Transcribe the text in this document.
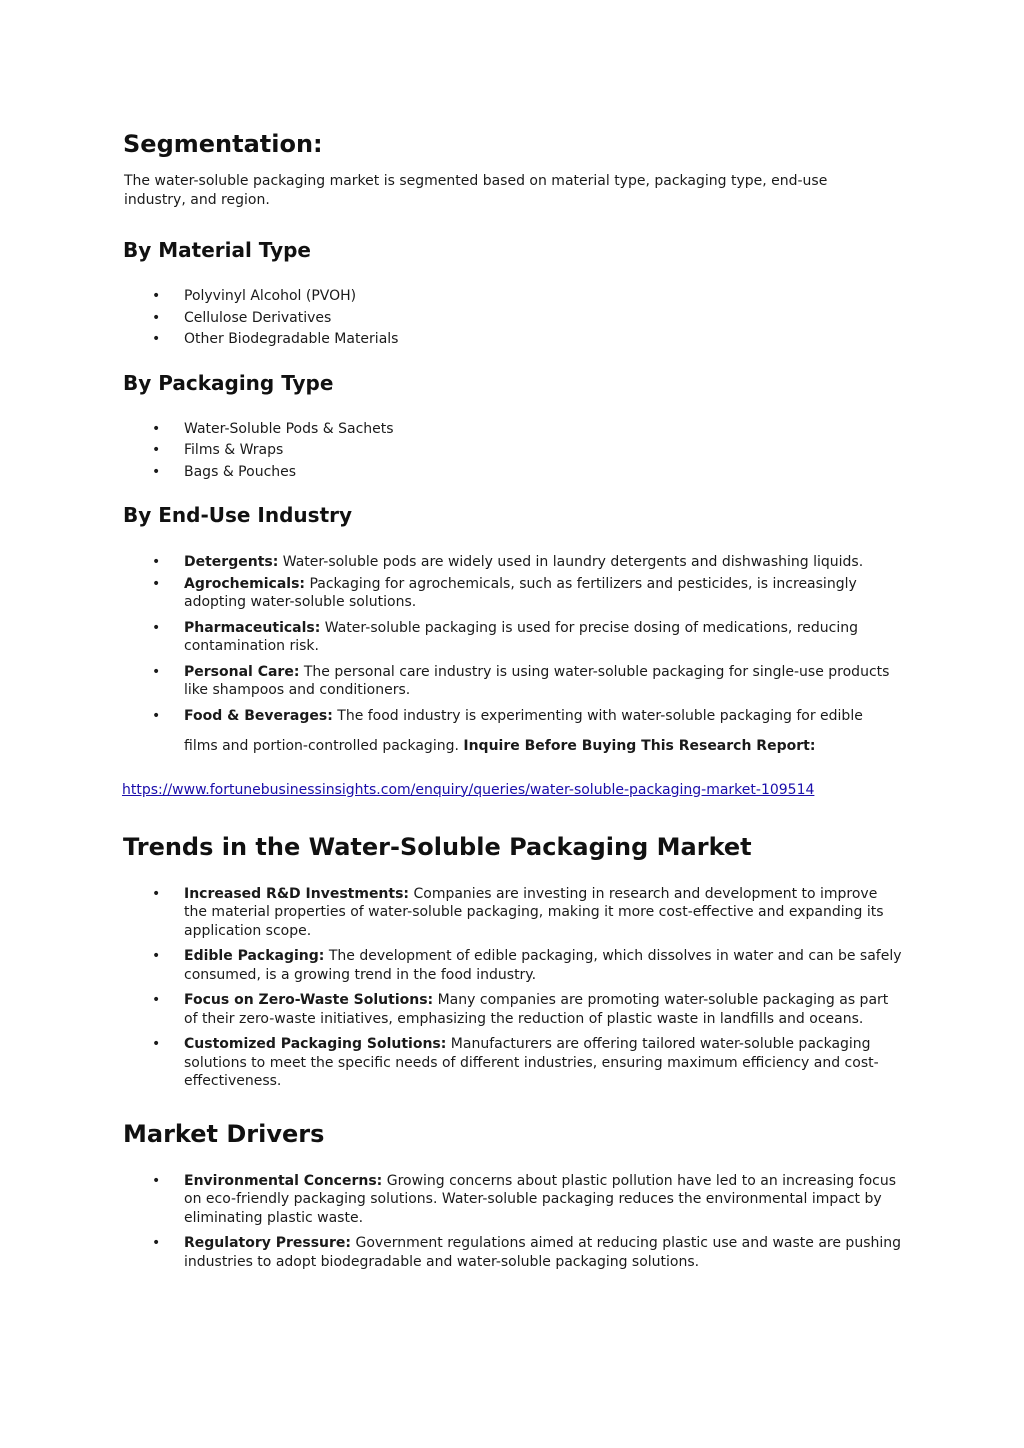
Segmentation:

The water-soluble packaging market is segmented based on material type, packaging type, end-use industry, and region.

By Material Type
• Polyvinyl Alcohol (PVOH)
• Cellulose Derivatives
• Other Biodegradable Materials
By Packaging Type
• Water-Soluble Pods & Sachets
• Films & Wraps
• Bags & Pouches
By End-Use Industry
• Detergents: Water-soluble pods are widely used in laundry detergents and dishwashing liquids.
• Agrochemicals: Packaging for agrochemicals, such as fertilizers and pesticides, is increasingly adopting water-soluble solutions.
• Pharmaceuticals: Water-soluble packaging is used for precise dosing of medications, reducing contamination risk.
• Personal Care: The personal care industry is using water-soluble packaging for single-use products like shampoos and conditioners.
• Food & Beverages: The food industry is experimenting with water-soluble packaging for edible
films and portion-controlled packaging. Inquire Before Buying This Research Report:
https://www.fortunebusinessinsights.com/enquiry/queries/water-soluble-packaging-market-109514
Trends in the Water-Soluble Packaging Market
• Increased R&D Investments: Companies are investing in research and development to improve the material properties of water-soluble packaging, making it more cost-effective and expanding its application scope.
• Edible Packaging: The development of edible packaging, which dissolves in water and can be safely consumed, is a growing trend in the food industry.
• Focus on Zero-Waste Solutions: Many companies are promoting water-soluble packaging as part of their zero-waste initiatives, emphasizing the reduction of plastic waste in landfills and oceans.
• Customized Packaging Solutions: Manufacturers are offering tailored water-soluble packaging solutions to meet the specific needs of different industries, ensuring maximum efficiency and cost-effectiveness.
Market Drivers
• Environmental Concerns: Growing concerns about plastic pollution have led to an increasing focus on eco-friendly packaging solutions. Water-soluble packaging reduces the environmental impact by eliminating plastic waste.
• Regulatory Pressure: Government regulations aimed at reducing plastic use and waste are pushing industries to adopt biodegradable and water-soluble packaging solutions.
